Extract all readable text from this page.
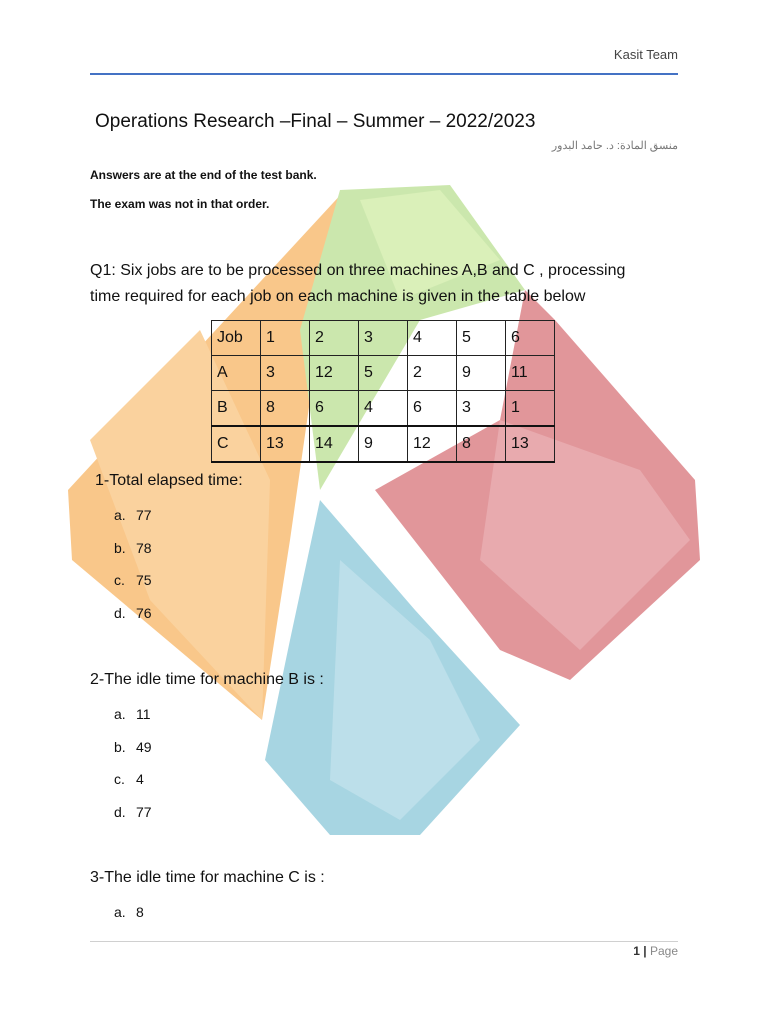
Kasit Team
Operations Research –Final – Summer – 2022/2023
منسق المادة: د. حامد البدور
Answers are at the end of the test bank.
The exam was not in that order.
Q1: Six jobs are to be processed on three machines A,B and C , processing
time required for each job on each machine is given in the table below
Job	1	2	3	4	5	6
A	3	12	5	2	9	11
B	8	6	4	6	3	1
C	13	14	9	12	8	13
1-Total elapsed time:
a. 77
b. 78
c. 75
d. 76
2-The idle time for machine B is :
a. 11
b. 49
c. 4
d. 77
3-The idle time for machine C is :
a. 8
1 | Page
